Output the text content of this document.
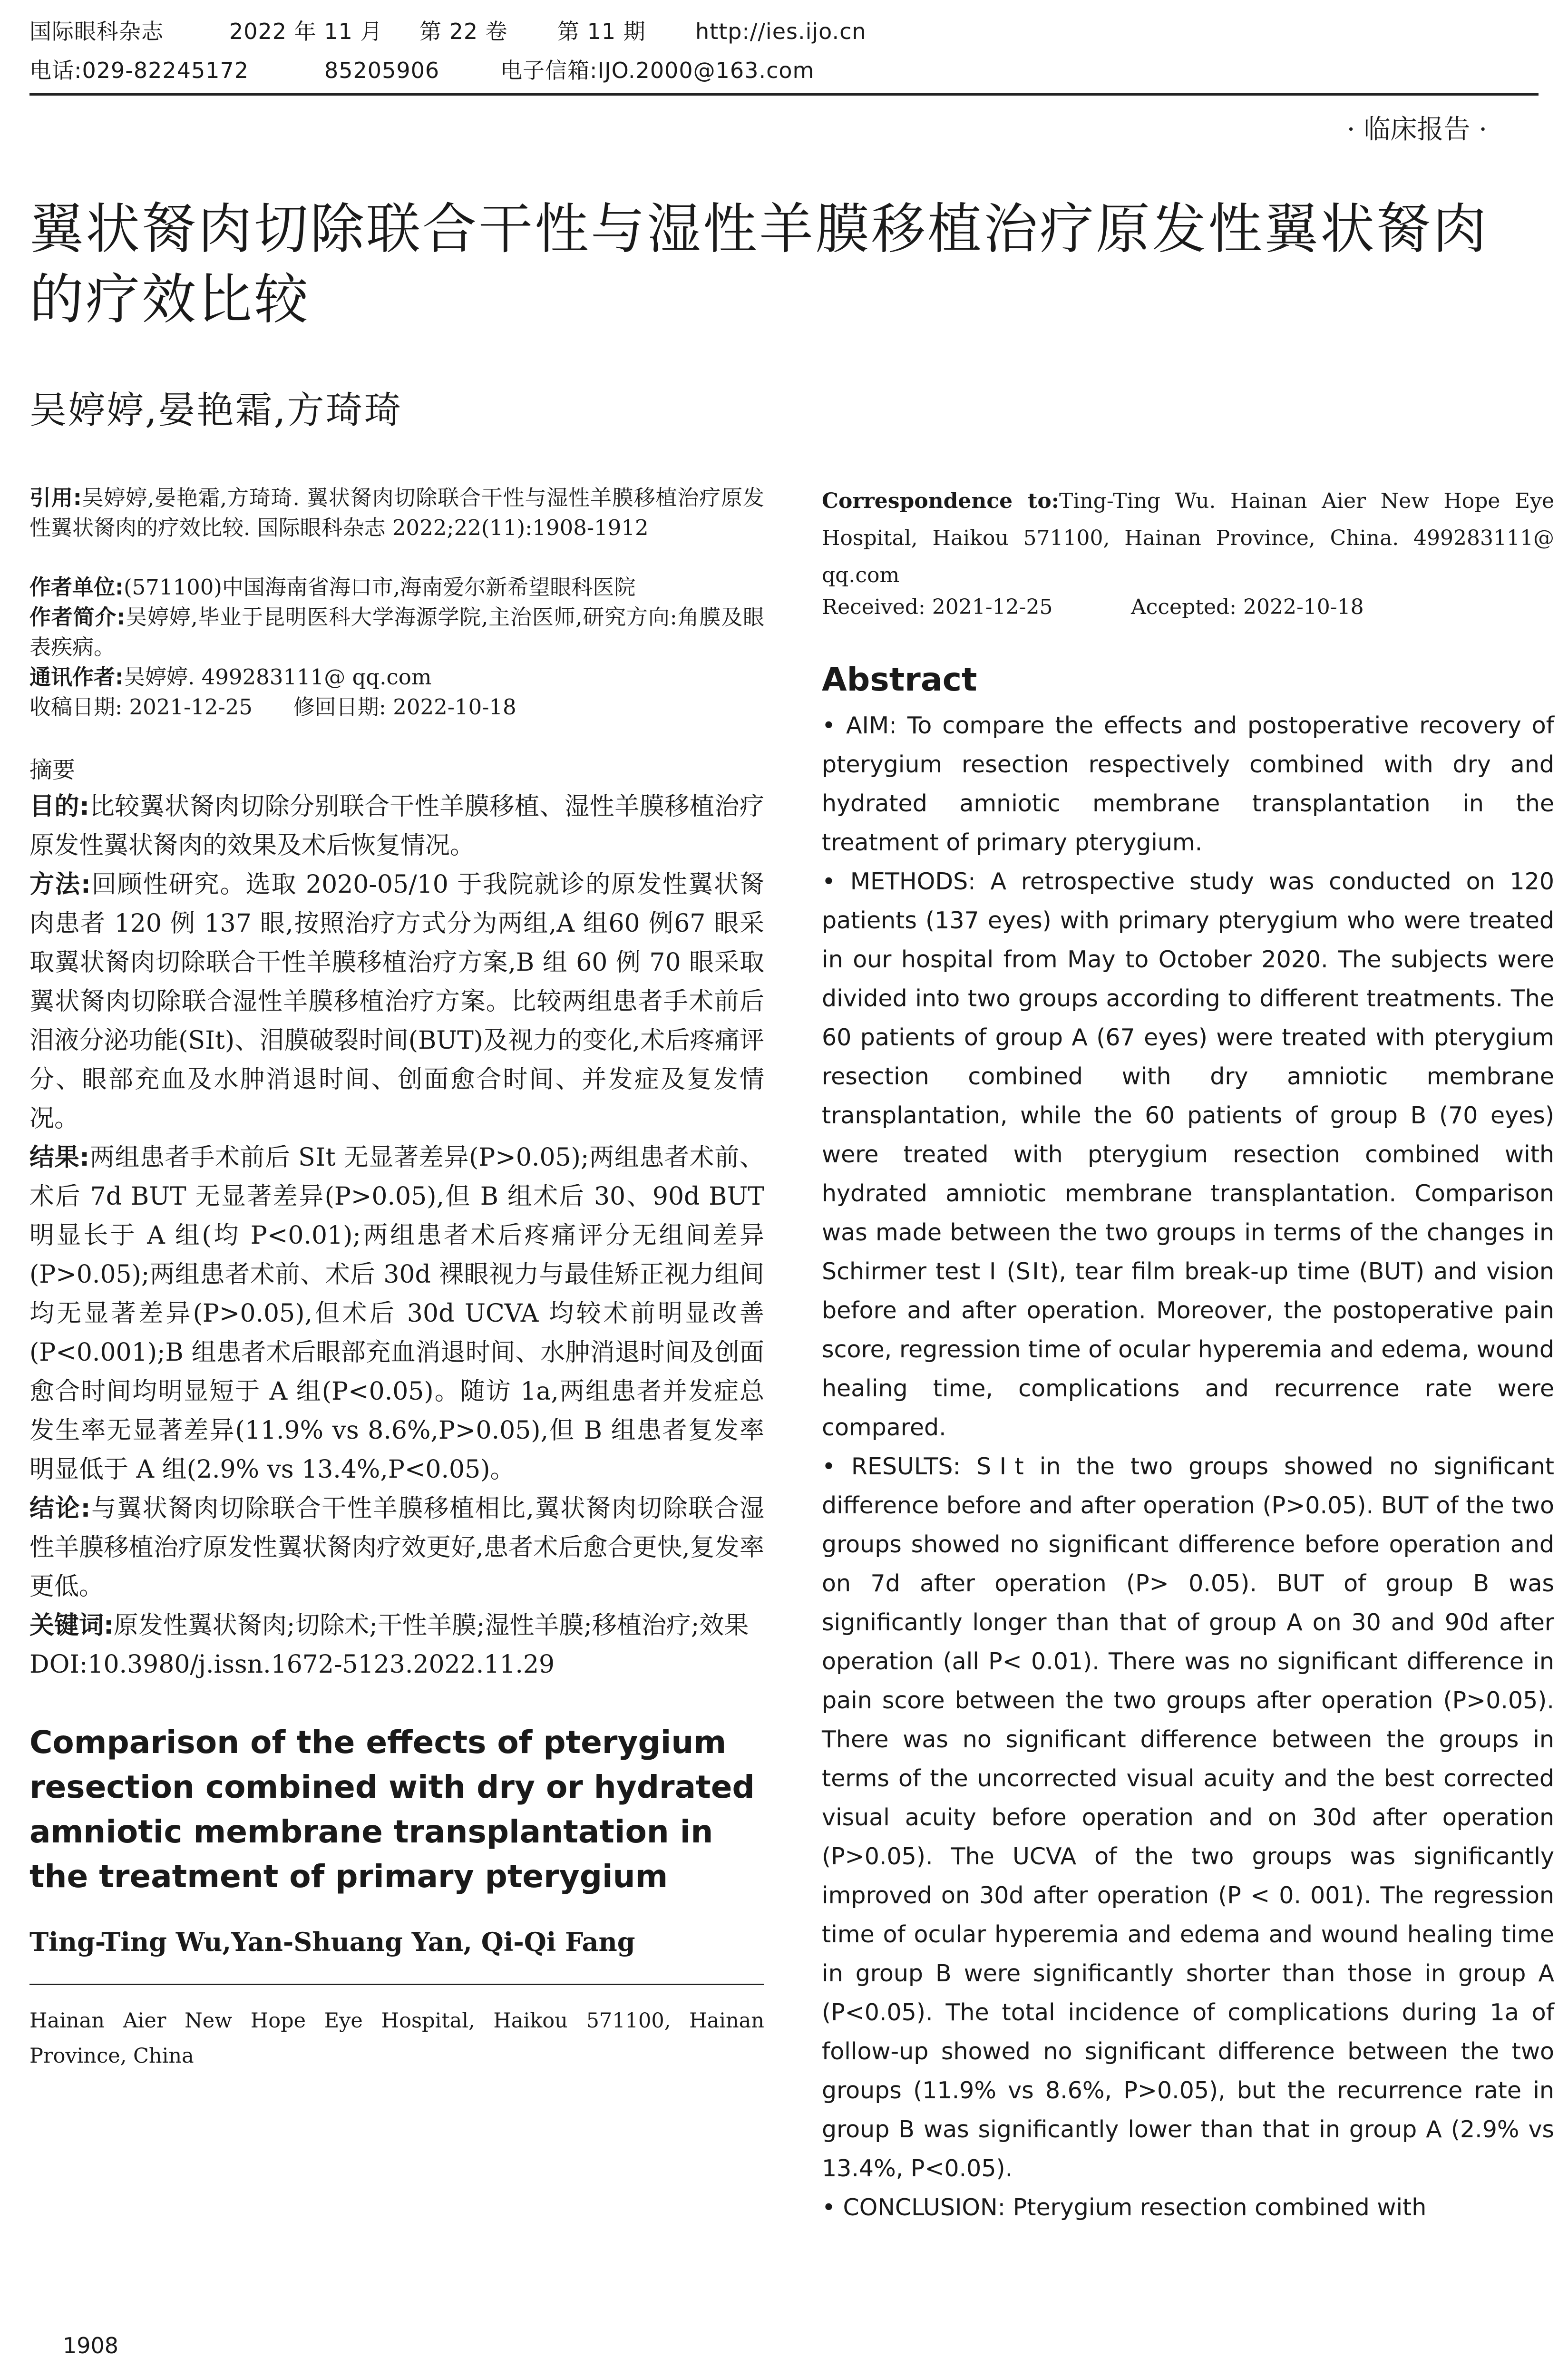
国际眼科杂志	2022 年 11 月 第 22 卷 第 11 期 http://ies.ijo.cn
电话:029-82245172	85205906	电子信箱:IJO.2000@163.com
· 临床报告 ·
翼状胬肉切除联合干性与湿性羊膜移植治疗原发性翼状胬肉的疗效比较
吴婷婷,晏艳霜,方琦琦
引用:吴婷婷,晏艳霜,方琦琦. 翼状胬肉切除联合干性与湿性羊膜移植治疗原发性翼状胬肉的疗效比较. 国际眼科杂志 2022;22(11):1908-1912
作者单位:(571100)中国海南省海口市,海南爱尔新希望眼科医院
作者简介:吴婷婷,毕业于昆明医科大学海源学院,主治医师,研究方向:角膜及眼表疾病。
通讯作者:吴婷婷. 499283111@ qq.com
收稿日期: 2021-12-25      修回日期: 2022-10-18
摘要
目的:比较翼状胬肉切除分别联合干性羊膜移植、湿性羊膜移植治疗原发性翼状胬肉的效果及术后恢复情况。
方法:回顾性研究。选取 2020-05/10 于我院就诊的原发性翼状胬肉患者 120 例 137 眼,按照治疗方式分为两组,A 组60 例67 眼采取翼状胬肉切除联合干性羊膜移植治疗方案,B 组 60 例 70 眼采取翼状胬肉切除联合湿性羊膜移植治疗方案。比较两组患者手术前后泪液分泌功能(SⅠt)、泪膜破裂时间(BUT)及视力的变化,术后疼痛评分、眼部充血及水肿消退时间、创面愈合时间、并发症及复发情况。
结果:两组患者手术前后 SⅠt 无显著差异(P>0.05);两组患者术前、术后 7d BUT 无显著差异(P>0.05),但 B 组术后 30、90d BUT 明显长于 A 组(均 P<0.01);两组患者术后疼痛评分无组间差异(P>0.05);两组患者术前、术后 30d 裸眼视力与最佳矫正视力组间均无显著差异(P>0.05),但术后 30d UCVA 均较术前明显改善(P<0.001);B 组患者术后眼部充血消退时间、水肿消退时间及创面愈合时间均明显短于 A 组(P<0.05)。随访 1a,两组患者并发症总发生率无显著差异(11.9% vs 8.6%,P>0.05),但 B 组患者复发率明显低于 A 组(2.9% vs 13.4%,P<0.05)。
结论:与翼状胬肉切除联合干性羊膜移植相比,翼状胬肉切除联合湿性羊膜移植治疗原发性翼状胬肉疗效更好,患者术后愈合更快,复发率更低。
关键词:原发性翼状胬肉;切除术;干性羊膜;湿性羊膜;移植治疗;效果
DOI:10.3980/j.issn.1672-5123.2022.11.29
Comparison of the effects of pterygium resection combined with dry or hydrated amniotic membrane transplantation in the treatment of primary pterygium
Ting-Ting Wu,Yan-Shuang Yan, Qi-Qi Fang
Hainan Aier New Hope Eye Hospital, Haikou 571100, Hainan Province, China
Correspondence to:Ting-Ting Wu. Hainan Aier New Hope Eye Hospital, Haikou 571100, Hainan Province, China. 499283111@ qq.com
Received: 2021-12-25	Accepted: 2022-10-18
Abstract
• AIM: To compare the effects and postoperative recovery of pterygium resection respectively combined with dry and hydrated amniotic membrane transplantation in the treatment of primary pterygium.
• METHODS: A retrospective study was conducted on 120 patients (137 eyes) with primary pterygium who were treated in our hospital from May to October 2020. The subjects were divided into two groups according to different treatments. The 60 patients of group A (67 eyes) were treated with pterygium resection combined with dry amniotic membrane transplantation, while the 60 patients of group B (70 eyes) were treated with pterygium resection combined with hydrated amniotic membrane transplantation. Comparison was made between the two groups in terms of the changes in Schirmer test Ⅰ (SⅠt), tear film break-up time (BUT) and vision before and after operation. Moreover, the postoperative pain score, regression time of ocular hyperemia and edema, wound healing time, complications and recurrence rate were compared.
• RESULTS: SⅠt in the two groups showed no significant difference before and after operation (P>0.05). BUT of the two groups showed no significant difference before operation and on 7d after operation (P> 0.05). BUT of group B was significantly longer than that of group A on 30 and 90d after operation (all P< 0.01). There was no significant difference in pain score between the two groups after operation (P>0.05). There was no significant difference between the groups in terms of the uncorrected visual acuity and the best corrected visual acuity before operation and on 30d after operation (P>0.05). The UCVA of the two groups was significantly improved on 30d after operation (P < 0. 001). The regression time of ocular hyperemia and edema and wound healing time in group B were significantly shorter than those in group A (P<0.05). The total incidence of complications during 1a of follow-up showed no significant difference between the two groups (11.9% vs 8.6%, P>0.05), but the recurrence rate in group B was significantly lower than that in group A (2.9% vs 13.4%, P<0.05).
• CONCLUSION: Pterygium resection combined with
1908
